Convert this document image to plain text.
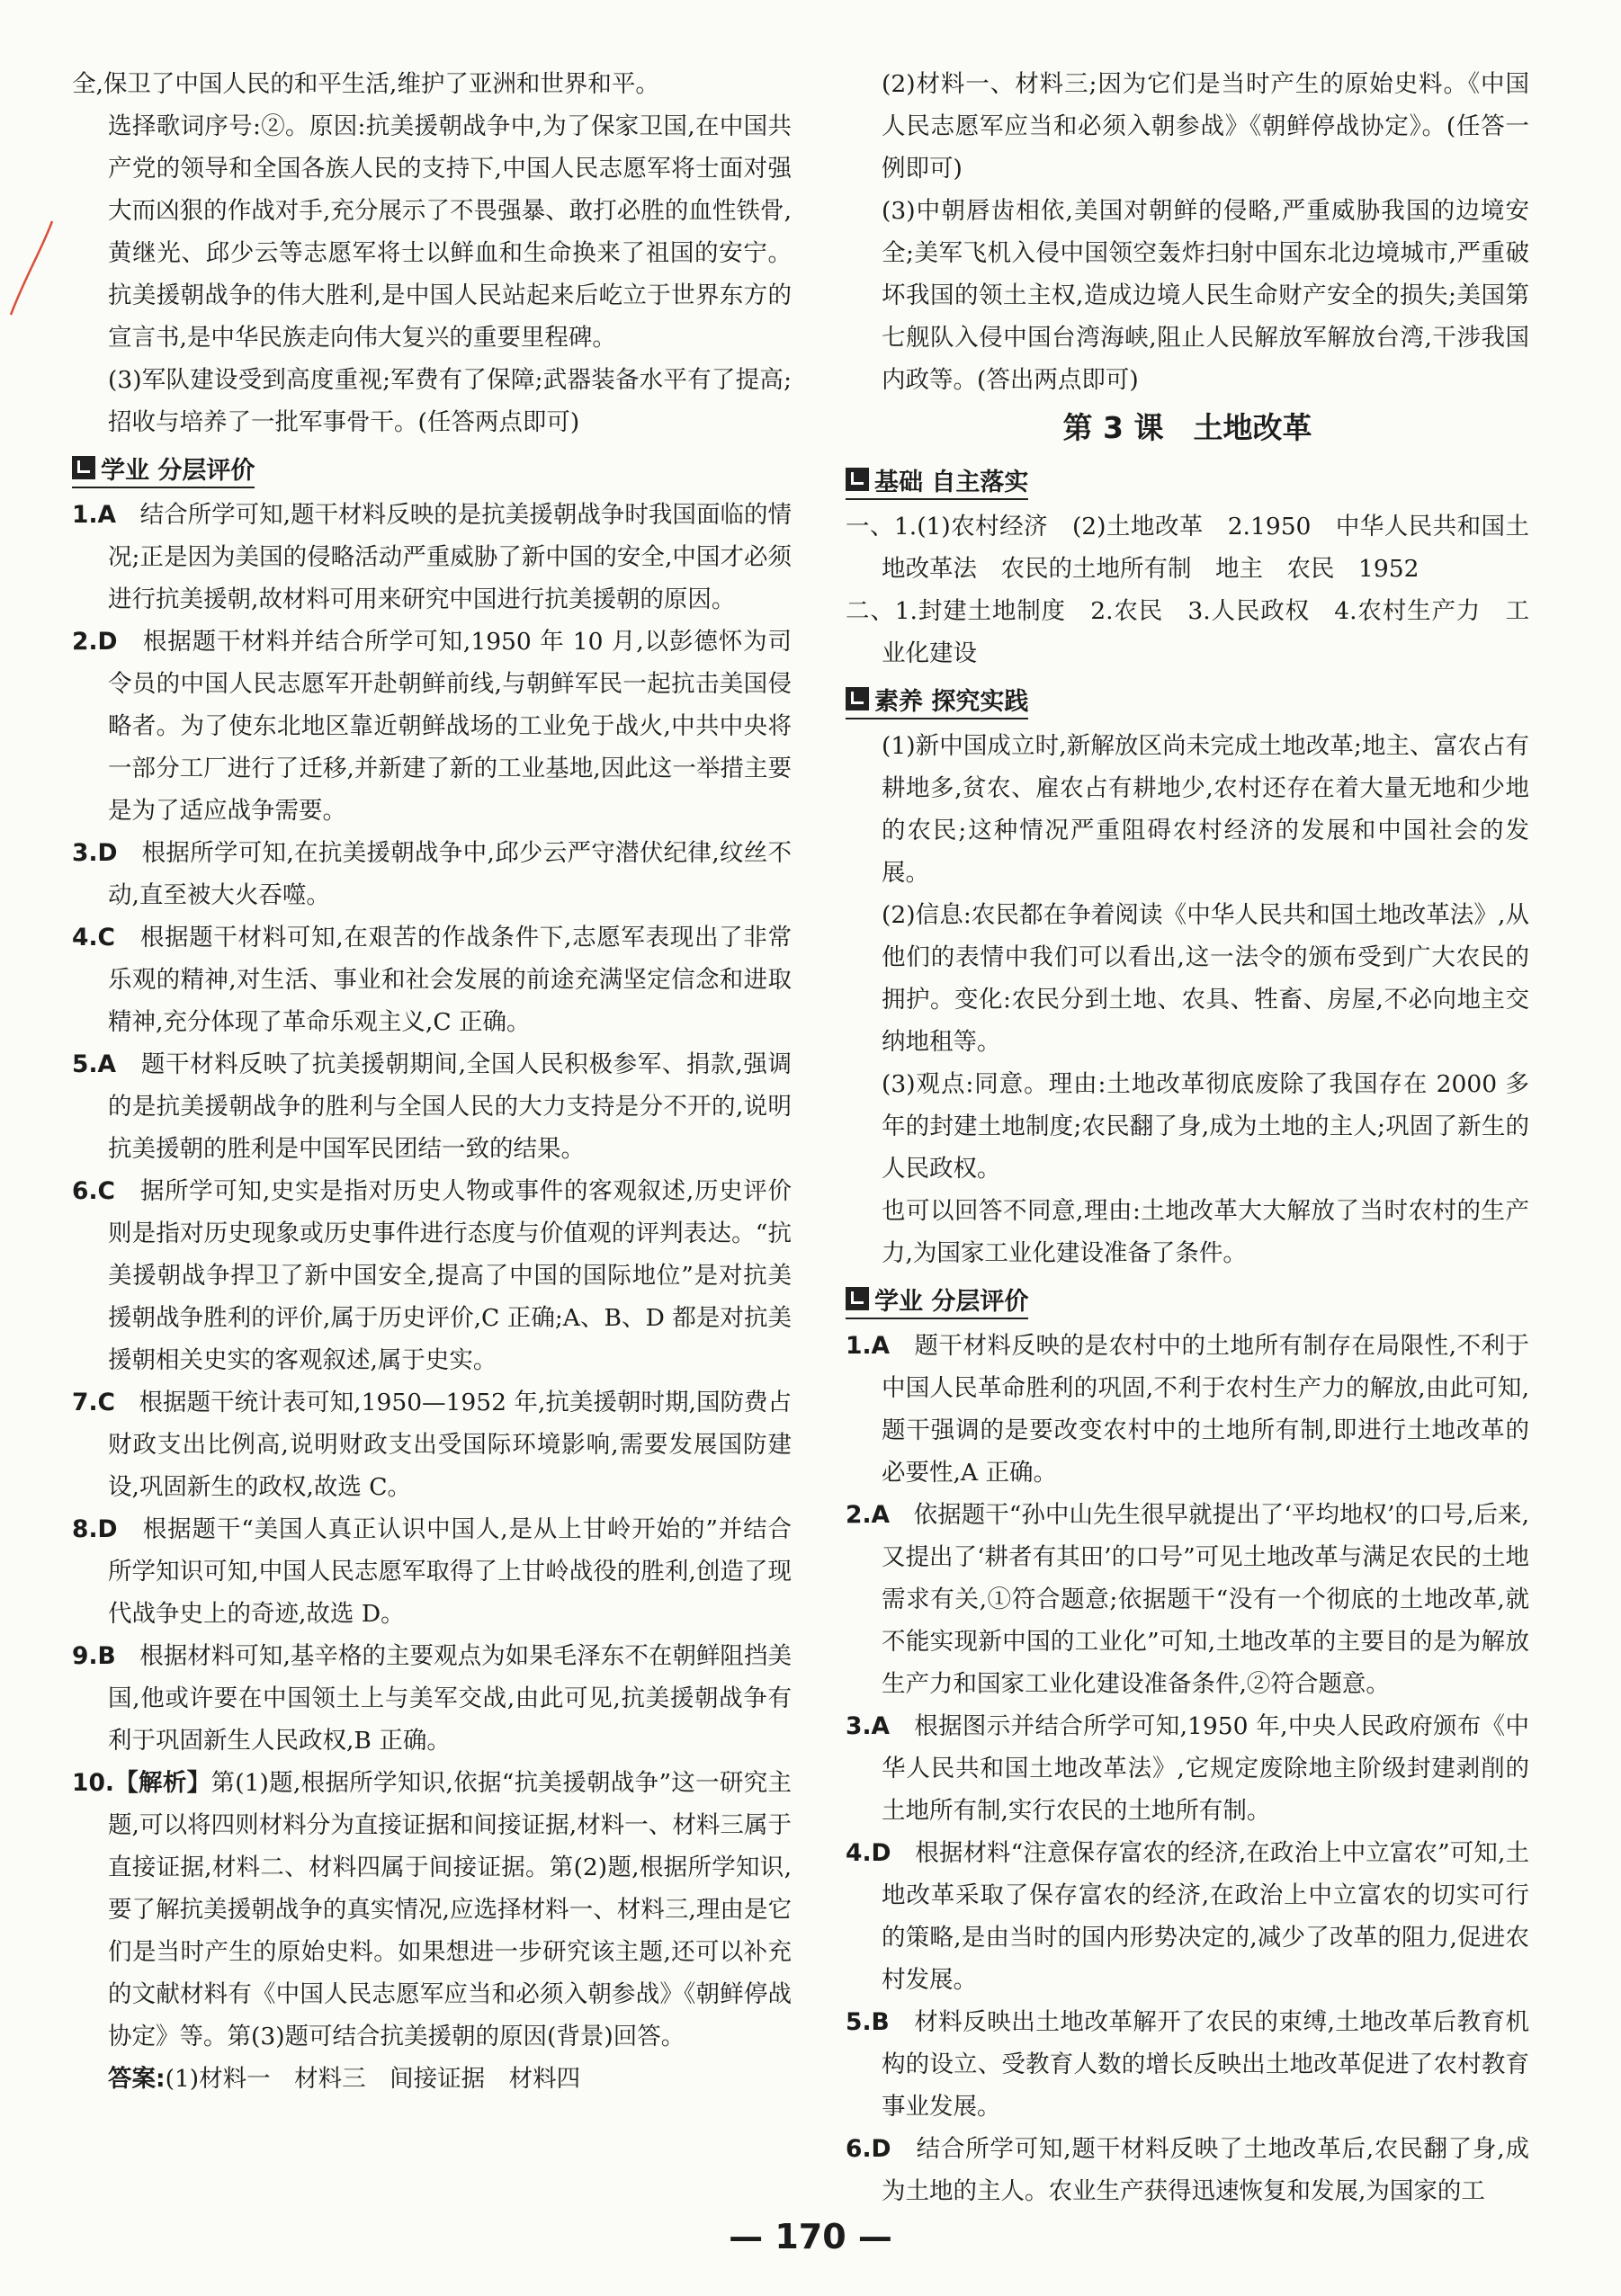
全,保卫了中国人民的和平生活,维护了亚洲和世界和平。

选择歌词序号:②。原因:抗美援朝战争中,为了保家卫国,在中国共产党的领导和全国各族人民的支持下,中国人民志愿军将士面对强大而凶狠的作战对手,充分展示了不畏强暴、敢打必胜的血性铁骨,黄继光、邱少云等志愿军将士以鲜血和生命换来了祖国的安宁。抗美援朝战争的伟大胜利,是中国人民站起来后屹立于世界东方的宣言书,是中华民族走向伟大复兴的重要里程碑。

(3)军队建设受到高度重视;军费有了保障;武器装备水平有了提高;招收与培养了一批军事骨干。(任答两点即可)

学业 分层评价

1.A　 结合所学可知,题干材料反映的是抗美援朝战争时我国面临的情况;正是因为美国的侵略活动严重威胁了新中国的安全,中国才必须进行抗美援朝,故材料可用来研究中国进行抗美援朝的原因。

2.D　 根据题干材料并结合所学可知,1950 年 10 月,以彭德怀为司令员的中国人民志愿军开赴朝鲜前线,与朝鲜军民一起抗击美国侵略者。为了使东北地区靠近朝鲜战场的工业免于战火,中共中央将一部分工厂进行了迁移,并新建了新的工业基地,因此这一举措主要是为了适应战争需要。

3.D　 根据所学可知,在抗美援朝战争中,邱少云严守潜伏纪律,纹丝不动,直至被大火吞噬。

4.C　 根据题干材料可知,在艰苦的作战条件下,志愿军表现出了非常乐观的精神,对生活、事业和社会发展的前途充满坚定信念和进取精神,充分体现了革命乐观主义,C 正确。

5.A　 题干材料反映了抗美援朝期间,全国人民积极参军、捐款,强调的是抗美援朝战争的胜利与全国人民的大力支持是分不开的,说明抗美援朝的胜利是中国军民团结一致的结果。

6.C　 据所学可知,史实是指对历史人物或事件的客观叙述,历史评价则是指对历史现象或历史事件进行态度与价值观的评判表达。“抗美援朝战争捍卫了新中国安全,提高了中国的国际地位”是对抗美援朝战争胜利的评价,属于历史评价,C 正确;A、B、D 都是对抗美援朝相关史实的客观叙述,属于史实。

7.C　 根据题干统计表可知,1950—1952 年,抗美援朝时期,国防费占财政支出比例高,说明财政支出受国际环境影响,需要发展国防建设,巩固新生的政权,故选 C。

8.D　 根据题干“美国人真正认识中国人,是从上甘岭开始的”并结合所学知识可知,中国人民志愿军取得了上甘岭战役的胜利,创造了现代战争史上的奇迹,故选 D。

9.B　 根据材料可知,基辛格的主要观点为如果毛泽东不在朝鲜阻挡美国,他或许要在中国领土上与美军交战,由此可见,抗美援朝战争有利于巩固新生人民政权,B 正确。

10.【解析】第(1)题,根据所学知识,依据“抗美援朝战争”这一研究主题,可以将四则材料分为直接证据和间接证据,材料一、材料三属于直接证据,材料二、材料四属于间接证据。第(2)题,根据所学知识,要了解抗美援朝战争的真实情况,应选择材料一、材料三,理由是它们是当时产生的原始史料。如果想进一步研究该主题,还可以补充的文献材料有《中国人民志愿军应当和必须入朝参战》《朝鲜停战协定》等。第(3)题可结合抗美援朝的原因(背景)回答。

答案:(1)材料一　材料三　间接证据　材料四

(2)材料一、材料三;因为它们是当时产生的原始史料。《中国人民志愿军应当和必须入朝参战》《朝鲜停战协定》。(任答一例即可)

(3)中朝唇齿相依,美国对朝鲜的侵略,严重威胁我国的边境安全;美军飞机入侵中国领空轰炸扫射中国东北边境城市,严重破坏我国的领土主权,造成边境人民生命财产安全的损失;美国第七舰队入侵中国台湾海峡,阻止人民解放军解放台湾,干涉我国内政等。(答出两点即可)

第 3 课　土地改革
基础 自主落实

一、1.(1)农村经济　(2)土地改革　2.1950　中华人民共和国土地改革法　农民的土地所有制　地主　农民　1952

二、1.封建土地制度　2.农民　3.人民政权　4.农村生产力　工业化建设

素养 探究实践

(1)新中国成立时,新解放区尚未完成土地改革;地主、富农占有耕地多,贫农、雇农占有耕地少,农村还存在着大量无地和少地的农民;这种情况严重阻碍农村经济的发展和中国社会的发展。

(2)信息:农民都在争着阅读《中华人民共和国土地改革法》,从他们的表情中我们可以看出,这一法令的颁布受到广大农民的拥护。变化:农民分到土地、农具、牲畜、房屋,不必向地主交纳地租等。

(3)观点:同意。理由:土地改革彻底废除了我国存在 2000 多年的封建土地制度;农民翻了身,成为土地的主人;巩固了新生的人民政权。

也可以回答不同意,理由:土地改革大大解放了当时农村的生产力,为国家工业化建设准备了条件。

学业 分层评价

1.A　 题干材料反映的是农村中的土地所有制存在局限性,不利于中国人民革命胜利的巩固,不利于农村生产力的解放,由此可知,题干强调的是要改变农村中的土地所有制,即进行土地改革的必要性,A 正确。

2.A　 依据题干“孙中山先生很早就提出了‘平均地权’的口号,后来,又提出了‘耕者有其田’的口号”可见土地改革与满足农民的土地需求有关,①符合题意;依据题干“没有一个彻底的土地改革,就不能实现新中国的工业化”可知,土地改革的主要目的是为解放生产力和国家工业化建设准备条件,②符合题意。

3.A　 根据图示并结合所学可知,1950 年,中央人民政府颁布《中华人民共和国土地改革法》,它规定废除地主阶级封建剥削的土地所有制,实行农民的土地所有制。

4.D　 根据材料“注意保存富农的经济,在政治上中立富农”可知,土地改革采取了保存富农的经济,在政治上中立富农的切实可行的策略,是由当时的国内形势决定的,减少了改革的阻力,促进农村发展。

5.B　 材料反映出土地改革解开了农民的束缚,土地改革后教育机构的设立、受教育人数的增长反映出土地改革促进了农村教育事业发展。

6.D　 结合所学可知,题干材料反映了土地改革后,农民翻了身,成为土地的主人。农业生产获得迅速恢复和发展,为国家的工

— 170 —
